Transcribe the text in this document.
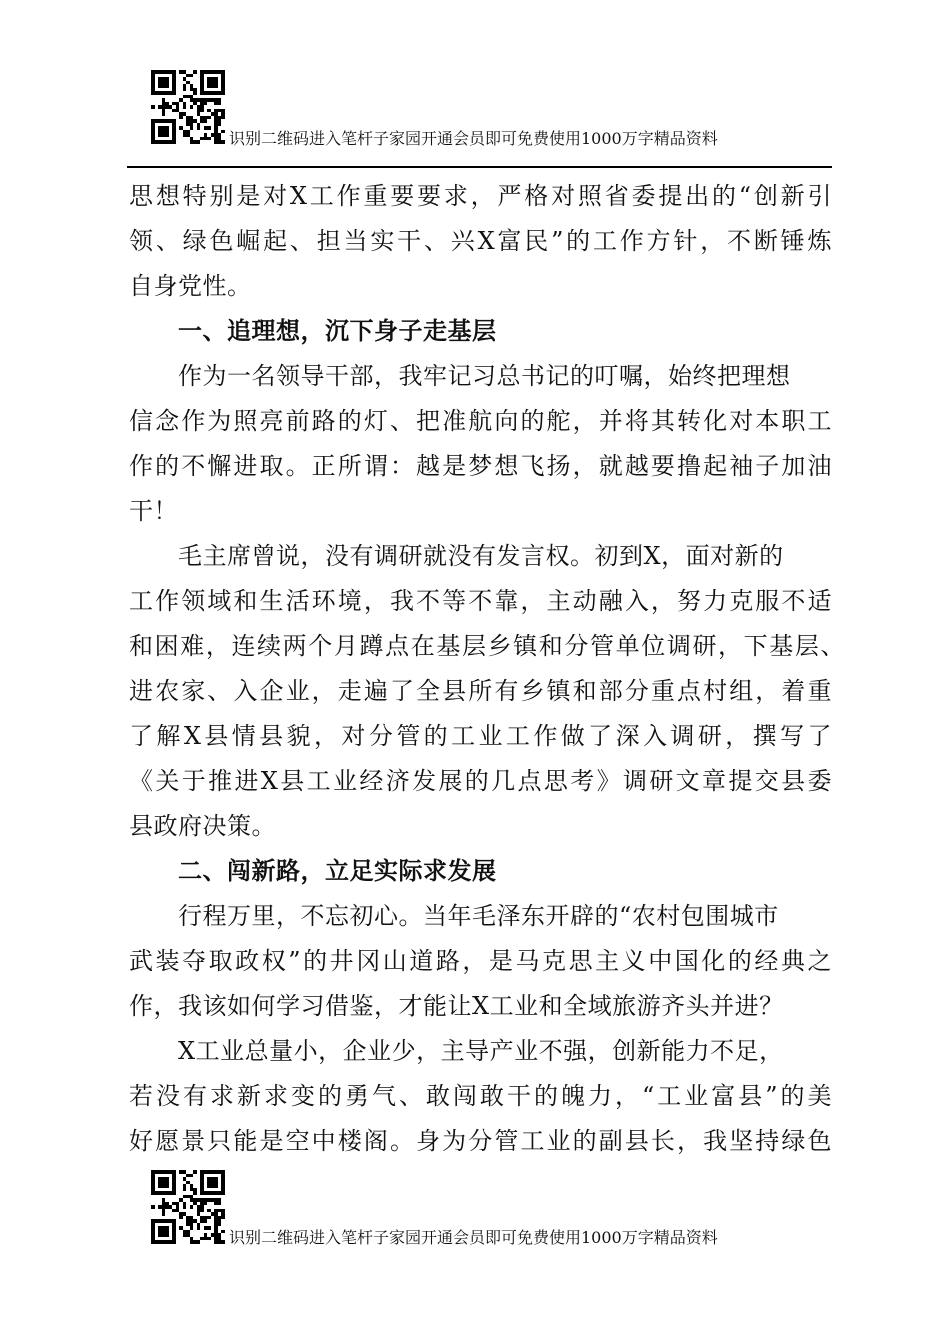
识别二维码进入笔杆子家园开通会员即可免费使用1000万字精品资料
思想特别是对X工作重要要求，严格对照省委提出的“创新引
领、绿色崛起、担当实干、兴X富民”的工作方针，不断锤炼
自身党性。
一、追理想，沉下身子走基层
作为一名领导干部，我牢记习总书记的叮嘱，始终把理想
信念作为照亮前路的灯、把准航向的舵，并将其转化对本职工
作的不懈进取。正所谓：越是梦想飞扬，就越要撸起袖子加油
干！
毛主席曾说，没有调研就没有发言权。初到X，面对新的
工作领域和生活环境，我不等不靠，主动融入，努力克服不适
和困难，连续两个月蹲点在基层乡镇和分管单位调研，下基层、
进农家、入企业，走遍了全县所有乡镇和部分重点村组，着重
了解X县情县貌，对分管的工业工作做了深入调研，撰写了
《关于推进X县工业经济发展的几点思考》调研文章提交县委
县政府决策。
二、闯新路，立足实际求发展
行程万里，不忘初心。当年毛泽东开辟的“农村包围城市
武装夺取政权”的井冈山道路，是马克思主义中国化的经典之
作，我该如何学习借鉴，才能让X工业和全域旅游齐头并进？
X工业总量小，企业少，主导产业不强，创新能力不足，
若没有求新求变的勇气、敢闯敢干的魄力，“工业富县”的美
好愿景只能是空中楼阁。身为分管工业的副县长，我坚持绿色
识别二维码进入笔杆子家园开通会员即可免费使用1000万字精品资料
